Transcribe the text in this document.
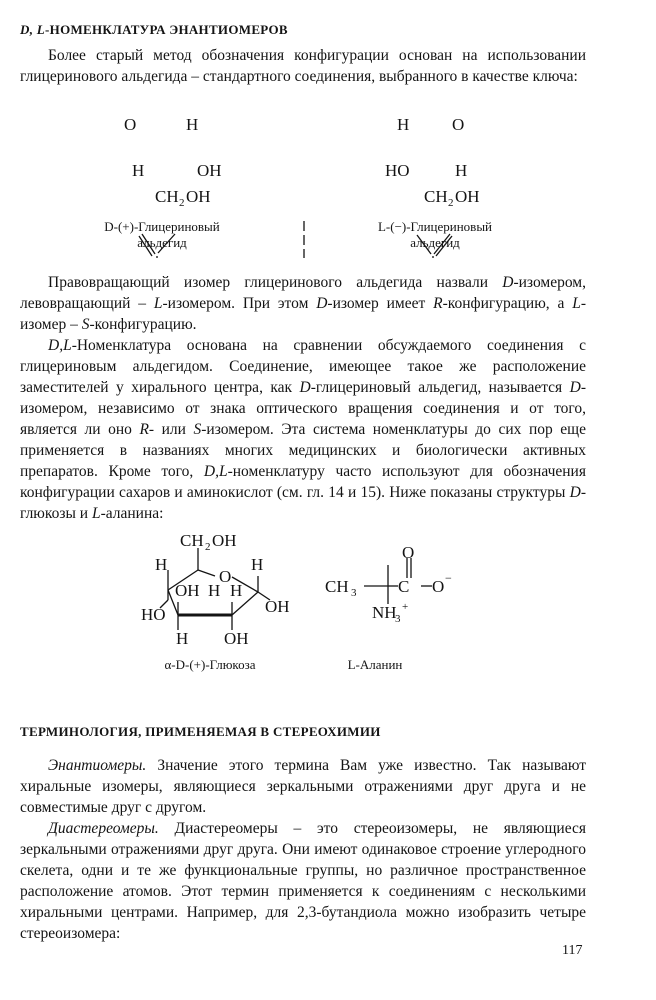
D, L-НОМЕНКЛАТУРА ЭНАНТИОМЕРОВ

Более старый метод обозначения конфигурации основан на использовании глицеринового альдегида – стандартного соединения, выбранного в качестве ключа:

O	H
H	OH
CH 2 OH
H	O
HO	H
CH 2 OH
D-(+)-Глицериновый
альдегид
L-(−)-Глицериновый
альдегид

Правовращающий изомер глицеринового альдегида назвали D-изомером, левовращающий – L-изомером. При этом D-изомер имеет R-конфигурацию, а L-изомер – S-конфигурацию.

D,L-Номенклатура основана на сравнении обсуждаемого соединения с глицериновым альдегидом. Соединение, имеющее такое же расположение заместителей у хирального центра, как D-глицериновый альдегид, называется D-изомером, независимо от знака оптического вращения соединения и от того, является ли оно R- или S-изомером. Эта система номенклатуры до сих пор еще применяется в названиях многих медицинских и биологически активных препаратов. Кроме того, D,L-номенклатуру часто используют для обозначения конфигурации сахаров и аминокислот (см. гл. 14 и 15). Ниже показаны структуры D-глюкозы и L-аланина:

CH 2 OH
O
H	H
OH H H
OH
HO
H OH
O
CH 3 C O −
NH
3
+
α-D-(+)-Глюкоза	L-Аланин
ТЕРМИНОЛОГИЯ, ПРИМЕНЯЕМАЯ В СТЕРЕОХИМИИ

Энантиомеры. Значение этого термина Вам уже известно. Так называют хиральные изомеры, являющиеся зеркальными отражениями друг друга и не совместимые друг с другом.

Диастереомеры. Диастереомеры – это стереоизомеры, не являющиеся зеркальными отражениями друг друга. Они имеют одинаковое строение углеродного скелета, одни и те же функциональные группы, но различное пространственное расположение атомов. Этот термин применяется к соединениям с несколькими хиральными центрами. Например, для 2,3-бутандиола можно изобразить четыре стереоизомера:

117
